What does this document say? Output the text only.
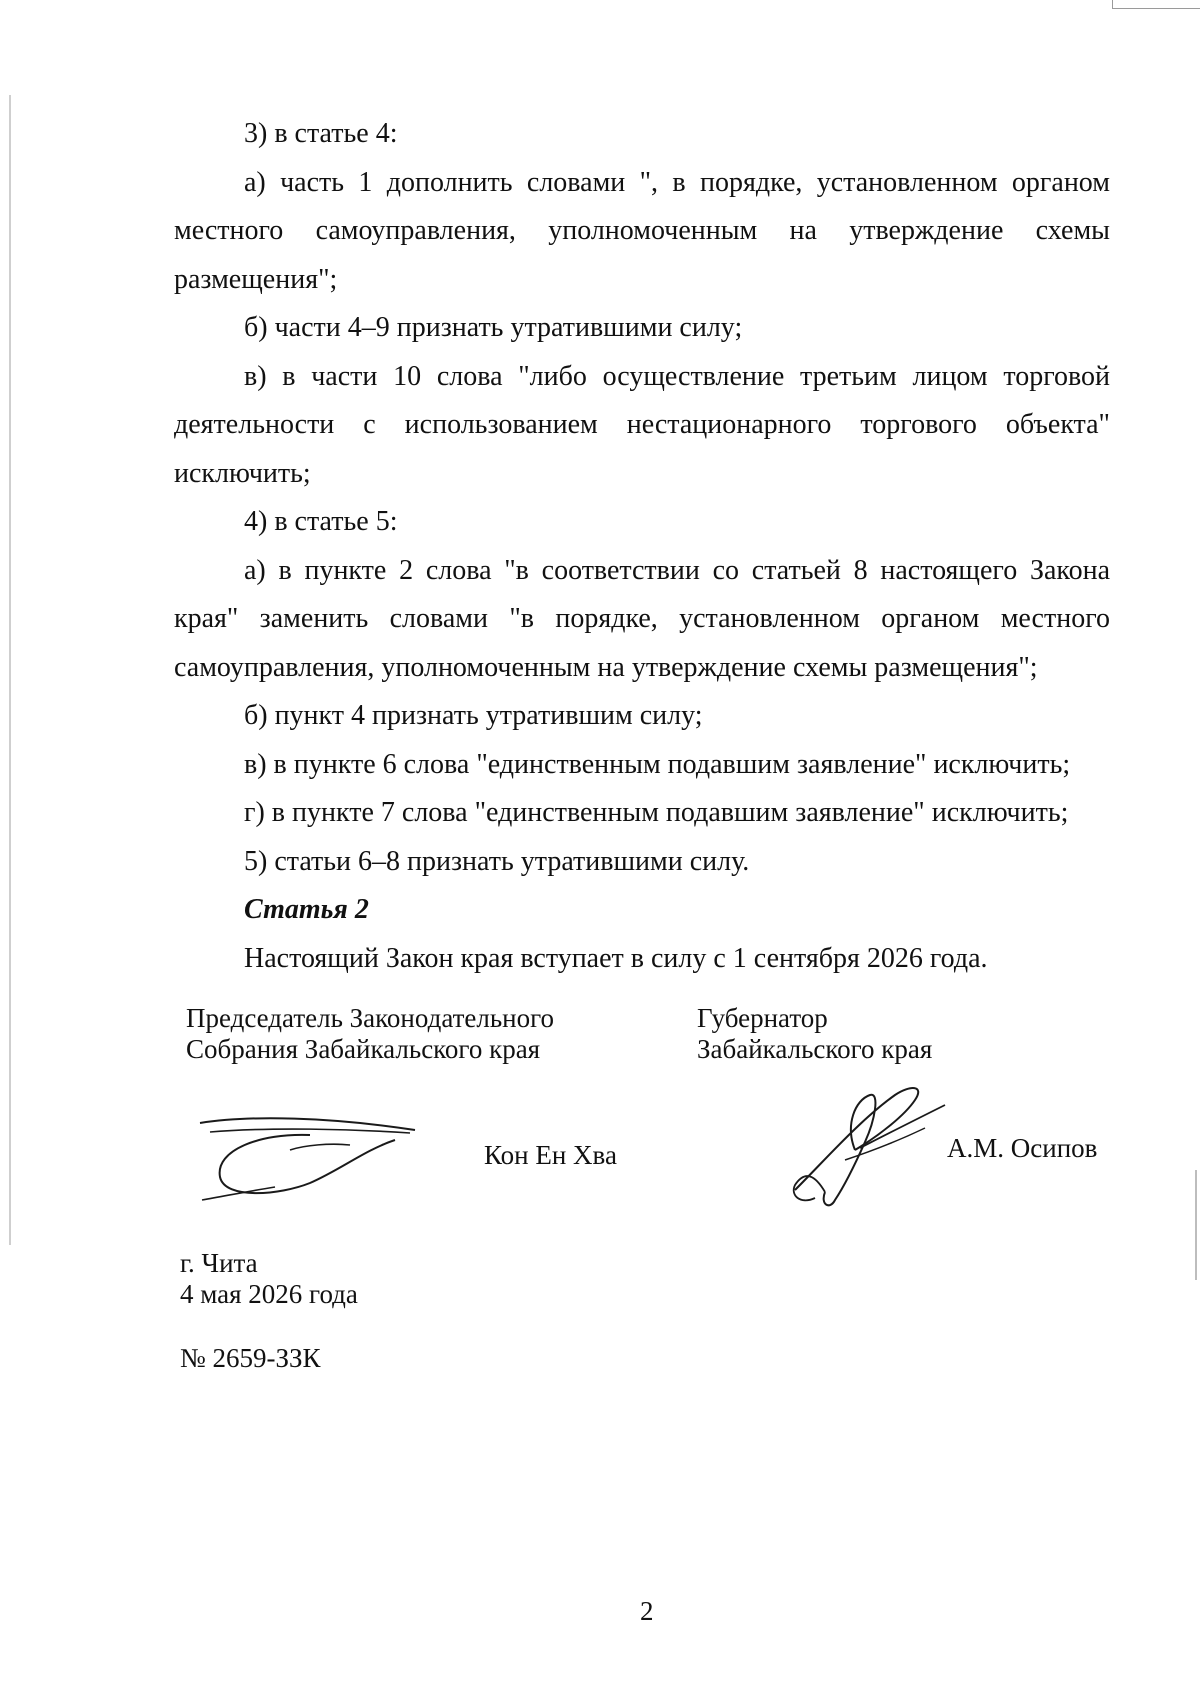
3) в статье 4:

а) часть 1 дополнить словами ", в порядке, установленном органом местного самоуправления, уполномоченным на утверждение схемы размещения";

б) части 4–9 признать утратившими силу;

в) в части 10 слова "либо осуществление третьим лицом торговой деятельности с использованием нестационарного торгового объекта" исключить;

4) в статье 5:

а) в пункте 2 слова "в соответствии со статьей 8 настоящего Закона края" заменить словами "в порядке, установленном органом местного самоуправления, уполномоченным на утверждение схемы размещения";

б) пункт 4 признать утратившим силу;

в) в пункте 6 слова "единственным подавшим заявление" исключить;

г) в пункте 7 слова "единственным подавшим заявление" исключить;

5) статьи 6–8 признать утратившими силу.

Статья 2

Настоящий Закон края вступает в силу с 1 сентября 2026 года.

Председатель Законодательного
Собрания Забайкальского края
Кон Ен Хва
Губернатор
Забайкальского края
А.М. Осипов
г. Чита
4 мая 2026 года
№ 2659-ЗЗК
2
